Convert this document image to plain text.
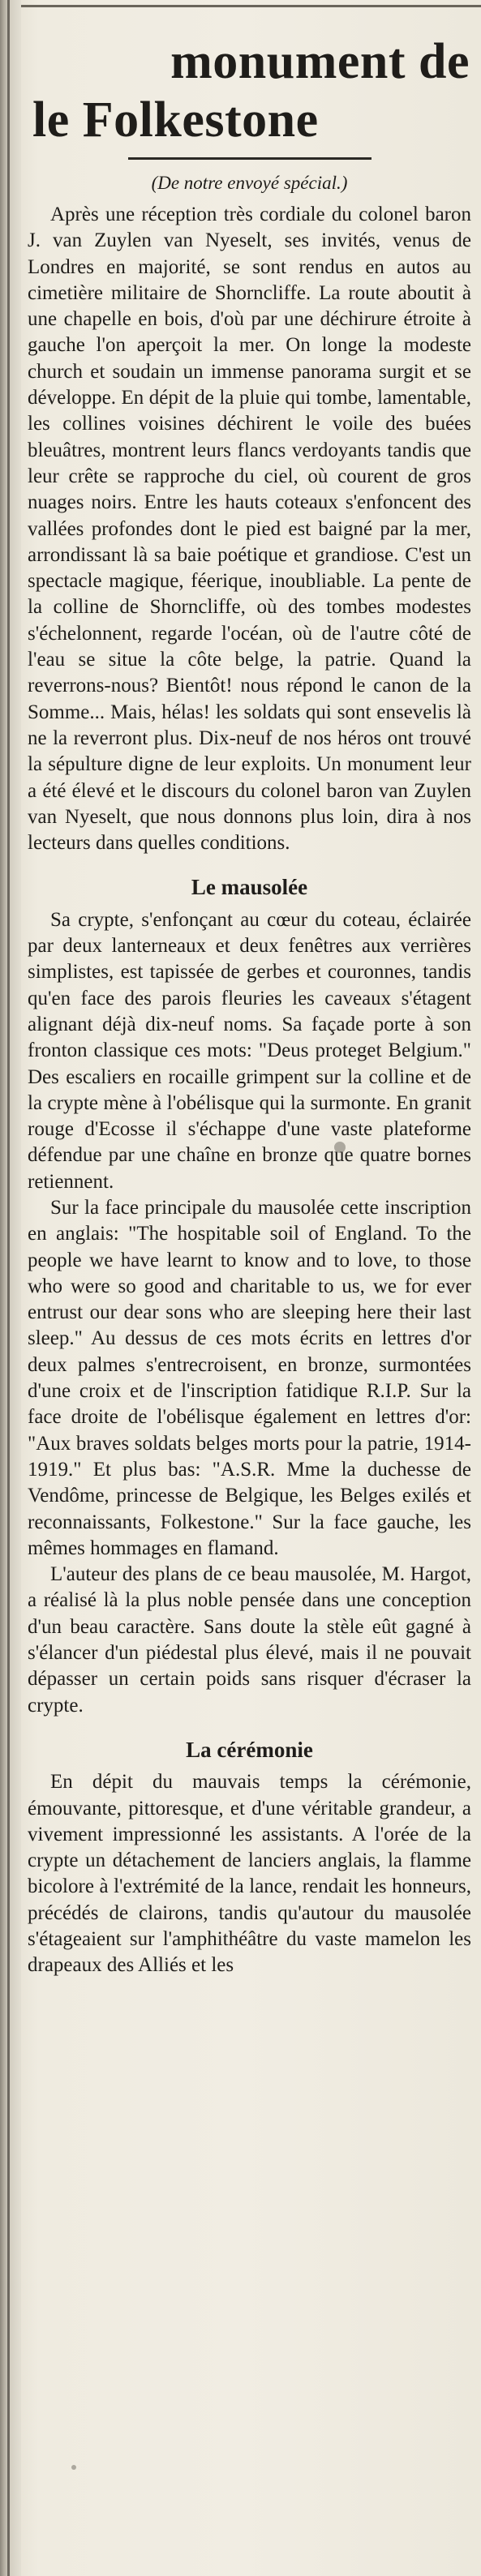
monument de
le Folkestone

(De notre envoyé spécial.)

Après une réception très cordiale du colonel baron J. van Zuylen van Nyeselt, ses invités, venus de Londres en majorité, se sont rendus en autos au cimetière militaire de Shorncliffe. La route aboutit à une chapelle en bois, d'où par une déchirure étroite à gauche l'on aperçoit la mer. On longe la modeste church et soudain un immense panorama surgit et se développe. En dépit de la pluie qui tombe, lamentable, les collines voisines déchirent le voile des buées bleuâtres, montrent leurs flancs verdoyants tandis que leur crête se rapproche du ciel, où courent de gros nuages noirs. Entre les hauts coteaux s'enfoncent des vallées profondes dont le pied est baigné par la mer, arrondissant là sa baie poétique et grandiose. C'est un spectacle magique, féerique, inoubliable. La pente de la colline de Shorncliffe, où des tombes modestes s'échelonnent, regarde l'océan, où de l'autre côté de l'eau se situe la côte belge, la patrie. Quand la reverrons-nous? Bientôt! nous répond le canon de la Somme... Mais, hélas! les soldats qui sont ensevelis là ne la reverront plus. Dix-neuf de nos héros ont trouvé la sépulture digne de leur exploits. Un monument leur a été élevé et le discours du colonel baron van Zuylen van Nyeselt, que nous donnons plus loin, dira à nos lecteurs dans quelles conditions.

Le mausolée

Sa crypte, s'enfonçant au cœur du coteau, éclairée par deux lanterneaux et deux fenêtres aux verrières simplistes, est tapissée de gerbes et couronnes, tandis qu'en face des parois fleuries les caveaux s'étagent alignant déjà dix-neuf noms. Sa façade porte à son fronton classique ces mots: "Deus proteget Belgium." Des escaliers en rocaille grimpent sur la colline et de la crypte mène à l'obélisque qui la surmonte. En granit rouge d'Ecosse il s'échappe d'une vaste plateforme défendue par une chaîne en bronze que quatre bornes retiennent.

Sur la face principale du mausolée cette inscription en anglais: "The hospitable soil of England. To the people we have learnt to know and to love, to those who were so good and charitable to us, we for ever entrust our dear sons who are sleeping here their last sleep." Au dessus de ces mots écrits en lettres d'or deux palmes s'entrecroisent, en bronze, surmontées d'une croix et de l'inscription fatidique R.I.P. Sur la face droite de l'obélisque également en lettres d'or: "Aux braves soldats belges morts pour la patrie, 1914-1919." Et plus bas: "A.S.R. Mme la duchesse de Vendôme, princesse de Belgique, les Belges exilés et reconnaissants, Folkestone." Sur la face gauche, les mêmes hommages en flamand.

L'auteur des plans de ce beau mausolée, M. Hargot, a réalisé là la plus noble pensée dans une conception d'un beau caractère. Sans doute la stèle eût gagné à s'élancer d'un piédestal plus élevé, mais il ne pouvait dépasser un certain poids sans risquer d'écraser la crypte.

La cérémonie

En dépit du mauvais temps la cérémonie, émouvante, pittoresque, et d'une véritable grandeur, a vivement impressionné les assistants. A l'orée de la crypte un détachement de lanciers anglais, la flamme bicolore à l'extrémité de la lance, rendait les honneurs, précédés de clairons, tandis qu'autour du mausolée s'étageaient sur l'amphithéâtre du vaste mamelon les drapeaux des Alliés et les
